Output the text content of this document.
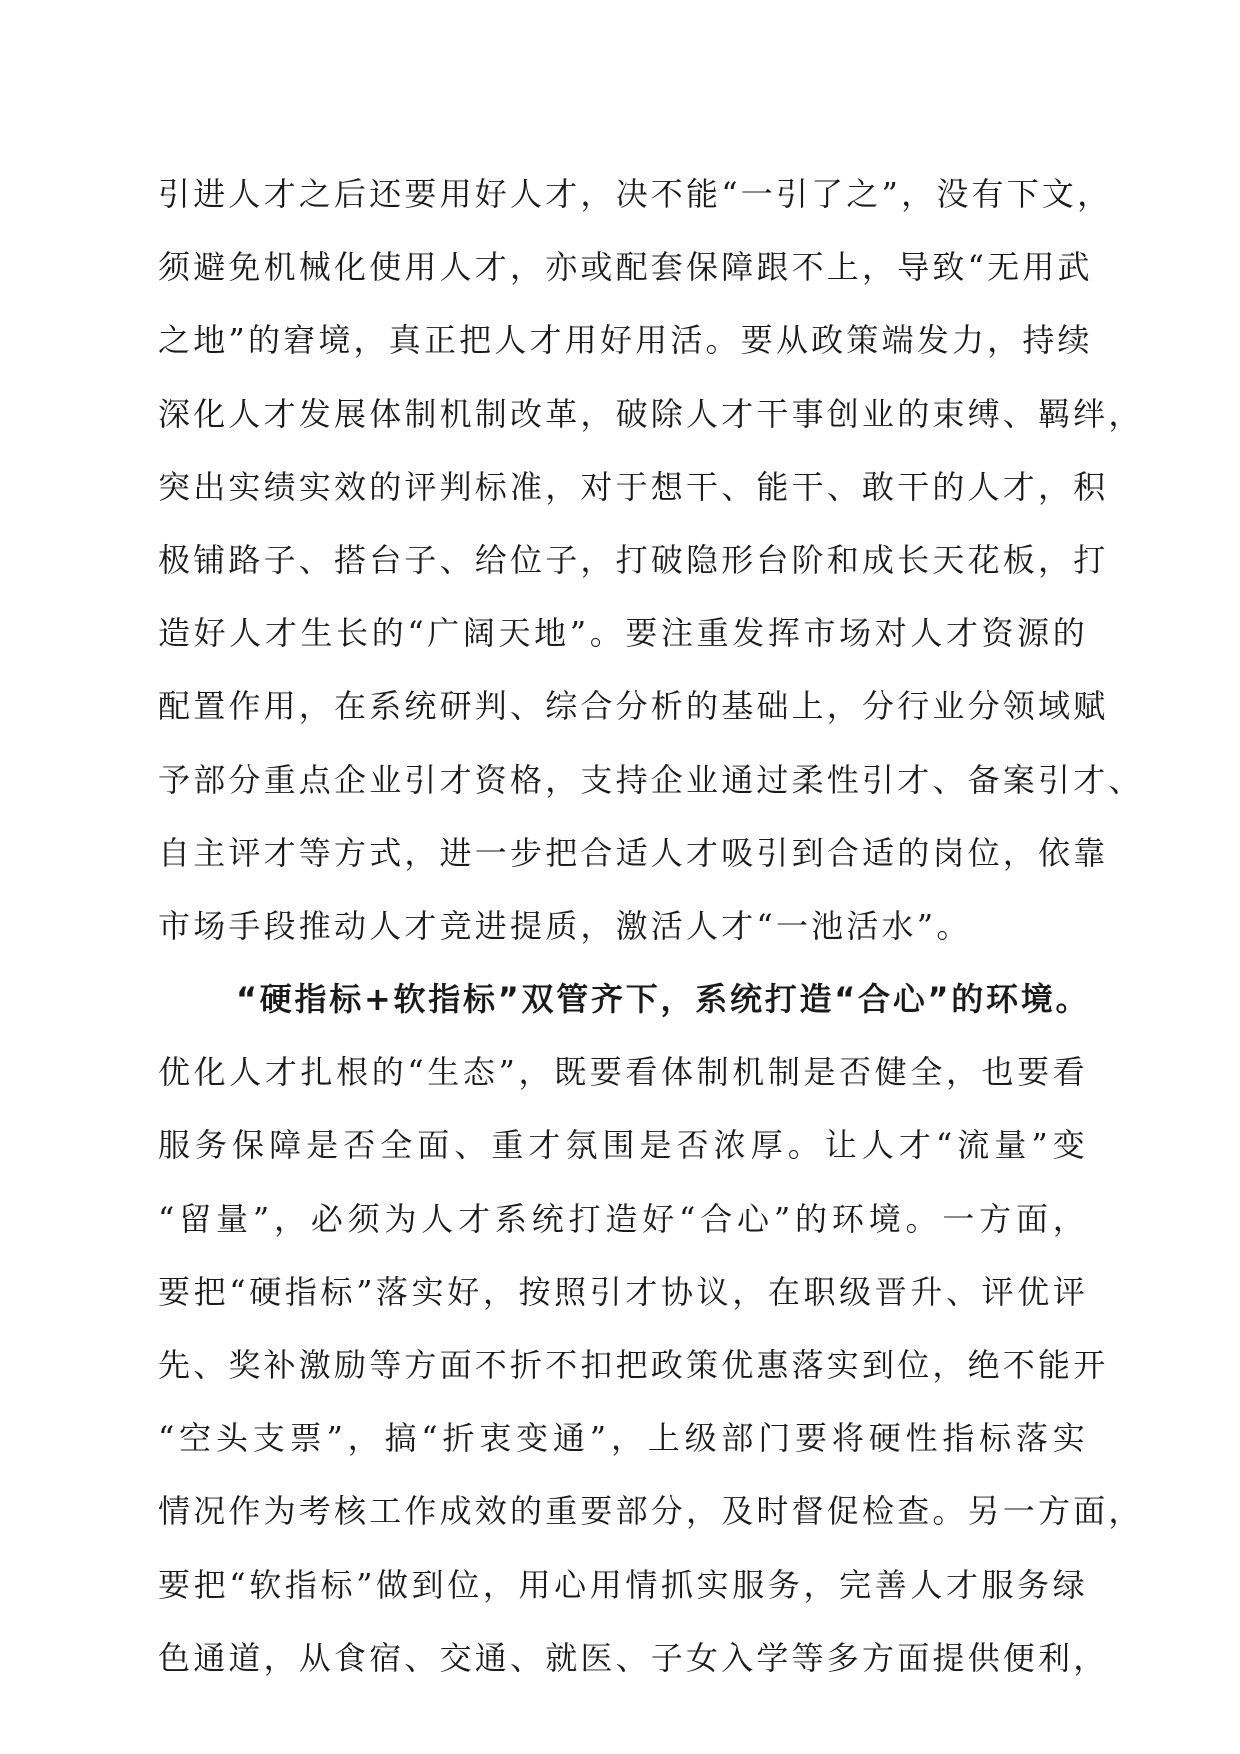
引进人才之后还要用好人才，决不能“一引了之”，没有下文，
须避免机械化使用人才，亦或配套保障跟不上，导致“无用武
之地”的窘境，真正把人才用好用活。要从政策端发力，持续
深化人才发展体制机制改革，破除人才干事创业的束缚、羁绊，
突出实绩实效的评判标准，对于想干、能干、敢干的人才，积
极铺路子、搭台子、给位子，打破隐形台阶和成长天花板，打
造好人才生长的“广阔天地”。要注重发挥市场对人才资源的
配置作用，在系统研判、综合分析的基础上，分行业分领域赋
予部分重点企业引才资格，支持企业通过柔性引才、备案引才、
自主评才等方式，进一步把合适人才吸引到合适的岗位，依靠
市场手段推动人才竞进提质，激活人才“一池活水”。
“硬指标+软指标”双管齐下，系统打造“合心”的环境。
优化人才扎根的“生态”，既要看体制机制是否健全，也要看
服务保障是否全面、重才氛围是否浓厚。让人才“流量”变
“留量”，必须为人才系统打造好“合心”的环境。一方面，
要把“硬指标”落实好，按照引才协议，在职级晋升、评优评
先、奖补激励等方面不折不扣把政策优惠落实到位，绝不能开
“空头支票”，搞“折衷变通”，上级部门要将硬性指标落实
情况作为考核工作成效的重要部分，及时督促检查。另一方面，
要把“软指标”做到位，用心用情抓实服务，完善人才服务绿
色通道，从食宿、交通、就医、子女入学等多方面提供便利，
